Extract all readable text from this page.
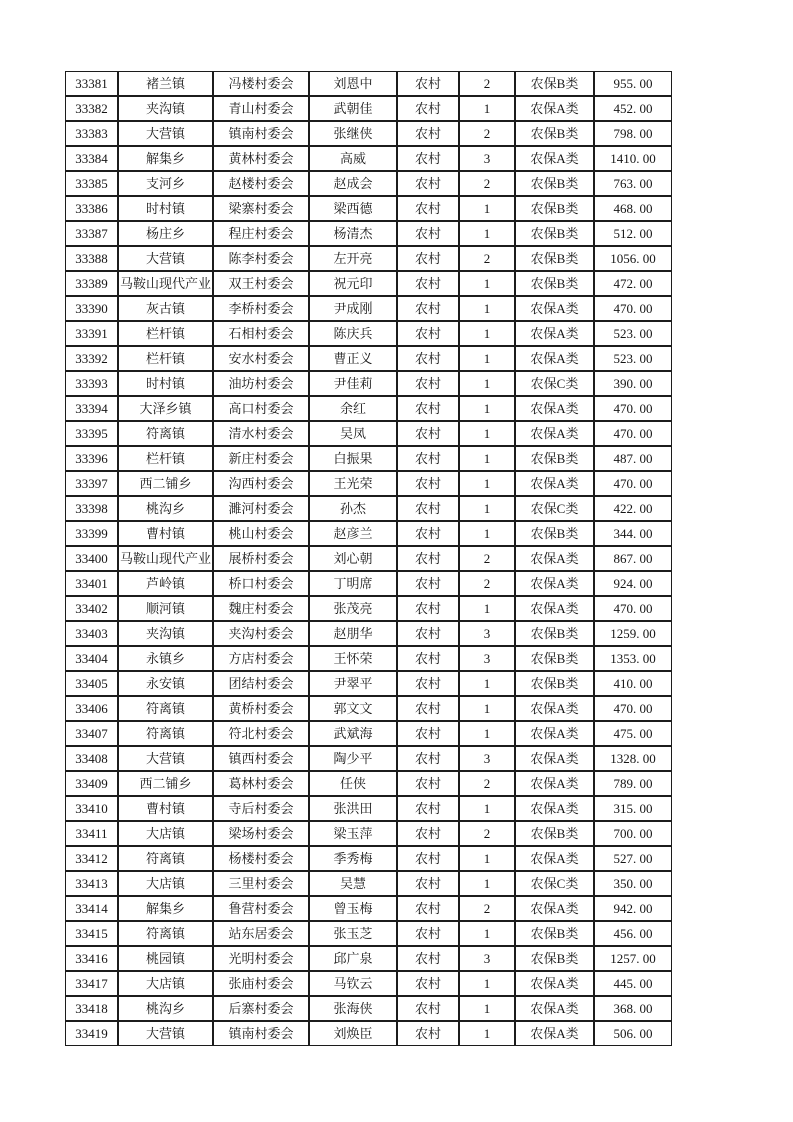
33381	褚兰镇	冯楼村委会	刘恩中	农村	2	农保B类	955. 00
33382	夹沟镇	青山村委会	武朝佳	农村	1	农保A类	452. 00
33383	大营镇	镇南村委会	张继侠	农村	2	农保B类	798. 00
33384	解集乡	黄林村委会	高威	农村	3	农保A类	1410. 00
33385	支河乡	赵楼村委会	赵成会	农村	2	农保B类	763. 00
33386	时村镇	梁寨村委会	梁西德	农村	1	农保B类	468. 00
33387	杨庄乡	程庄村委会	杨清杰	农村	1	农保B类	512. 00
33388	大营镇	陈李村委会	左开亮	农村	2	农保B类	1056. 00
33389	马鞍山现代产业	双王村委会	祝元印	农村	1	农保B类	472. 00
33390	灰古镇	李桥村委会	尹成刚	农村	1	农保A类	470. 00
33391	栏杆镇	石相村委会	陈庆兵	农村	1	农保A类	523. 00
33392	栏杆镇	安水村委会	曹正义	农村	1	农保A类	523. 00
33393	时村镇	油坊村委会	尹佳莉	农村	1	农保C类	390. 00
33394	大泽乡镇	高口村委会	余红	农村	1	农保A类	470. 00
33395	符离镇	清水村委会	吴凤	农村	1	农保A类	470. 00
33396	栏杆镇	新庄村委会	白振果	农村	1	农保B类	487. 00
33397	西二铺乡	沟西村委会	王光荣	农村	1	农保A类	470. 00
33398	桃沟乡	濉河村委会	孙杰	农村	1	农保C类	422. 00
33399	曹村镇	桃山村委会	赵彦兰	农村	1	农保B类	344. 00
33400	马鞍山现代产业	展桥村委会	刘心朝	农村	2	农保A类	867. 00
33401	芦岭镇	桥口村委会	丁明席	农村	2	农保A类	924. 00
33402	顺河镇	魏庄村委会	张茂亮	农村	1	农保A类	470. 00
33403	夹沟镇	夹沟村委会	赵朋华	农村	3	农保B类	1259. 00
33404	永镇乡	方店村委会	王怀荣	农村	3	农保B类	1353. 00
33405	永安镇	团结村委会	尹翠平	农村	1	农保B类	410. 00
33406	符离镇	黄桥村委会	郭文文	农村	1	农保A类	470. 00
33407	符离镇	符北村委会	武斌海	农村	1	农保A类	475. 00
33408	大营镇	镇西村委会	陶少平	农村	3	农保A类	1328. 00
33409	西二铺乡	葛林村委会	任侠	农村	2	农保A类	789. 00
33410	曹村镇	寺后村委会	张洪田	农村	1	农保A类	315. 00
33411	大店镇	梁场村委会	梁玉萍	农村	2	农保B类	700. 00
33412	符离镇	杨楼村委会	季秀梅	农村	1	农保A类	527. 00
33413	大店镇	三里村委会	吴慧	农村	1	农保C类	350. 00
33414	解集乡	鲁营村委会	曾玉梅	农村	2	农保A类	942. 00
33415	符离镇	站东居委会	张玉芝	农村	1	农保B类	456. 00
33416	桃园镇	光明村委会	邱广泉	农村	3	农保B类	1257. 00
33417	大店镇	张庙村委会	马钦云	农村	1	农保A类	445. 00
33418	桃沟乡	后寨村委会	张海侠	农村	1	农保A类	368. 00
33419	大营镇	镇南村委会	刘焕臣	农村	1	农保A类	506. 00
